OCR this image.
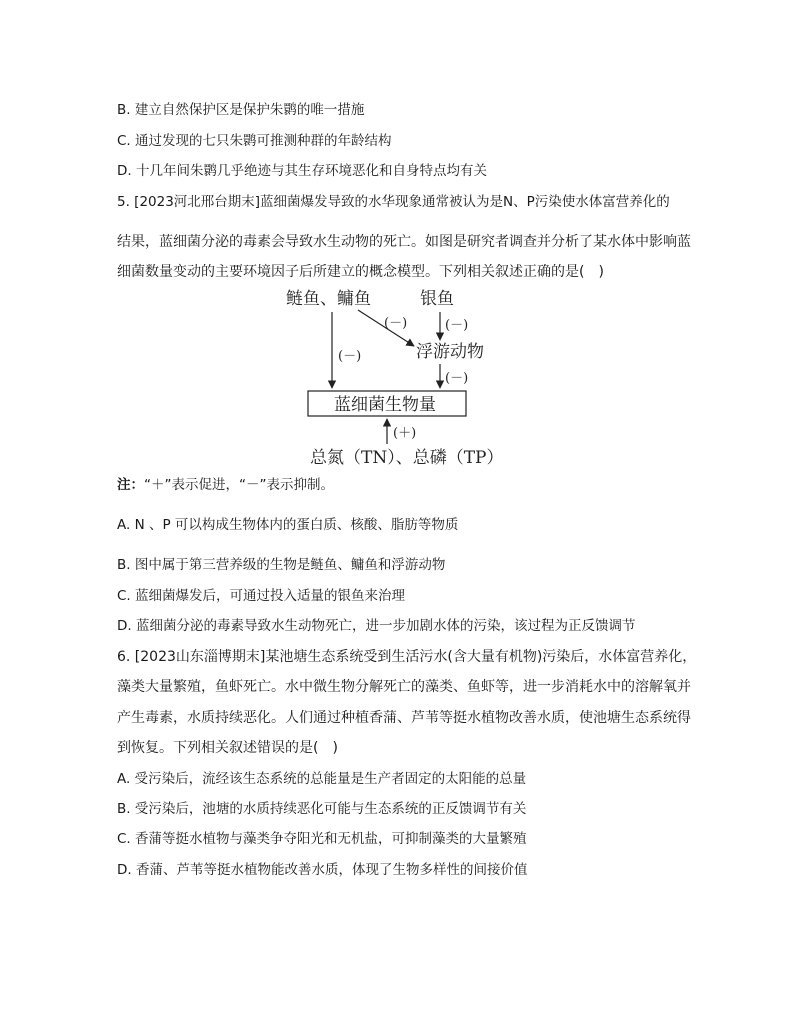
B. 建立自然保护区是保护朱鹮的唯一措施
C. 通过发现的七只朱鹮可推测种群的年龄结构
D. 十几年间朱鹮几乎绝迹与其生存环境恶化和自身特点均有关
5. [2023河北邢台期末]蓝细菌爆发导致的水华现象通常被认为是N、P污染使水体富营养化的
结果，蓝细菌分泌的毒素会导致水生动物的死亡。如图是研究者调查并分析了某水体中影响蓝
细菌数量变动的主要环境因子后所建立的概念模型。下列相关叙述正确的是(　)
鲢鱼、鳙鱼	银鱼
浮游动物
蓝细菌生物量
总氮（TN）、总磷（TP）
(－)
(－)	(－)
(－)
(＋)
注：“＋”表示促进，“－”表示抑制。
A. N 、P 可以构成生物体内的蛋白质、核酸、脂肪等物质
B. 图中属于第三营养级的生物是鲢鱼、鳙鱼和浮游动物
C. 蓝细菌爆发后，可通过投入适量的银鱼来治理
D. 蓝细菌分泌的毒素导致水生动物死亡，进一步加剧水体的污染，该过程为正反馈调节
6. [2023山东淄博期末]某池塘生态系统受到生活污水(含大量有机物)污染后，水体富营养化，
藻类大量繁殖，鱼虾死亡。水中微生物分解死亡的藻类、鱼虾等，进一步消耗水中的溶解氧并
产生毒素，水质持续恶化。人们通过种植香蒲、芦苇等挺水植物改善水质，使池塘生态系统得
到恢复。下列相关叙述错误的是(　)
A. 受污染后，流经该生态系统的总能量是生产者固定的太阳能的总量
B. 受污染后，池塘的水质持续恶化可能与生态系统的正反馈调节有关
C. 香蒲等挺水植物与藻类争夺阳光和无机盐，可抑制藻类的大量繁殖
D. 香蒲、芦苇等挺水植物能改善水质，体现了生物多样性的间接价值
